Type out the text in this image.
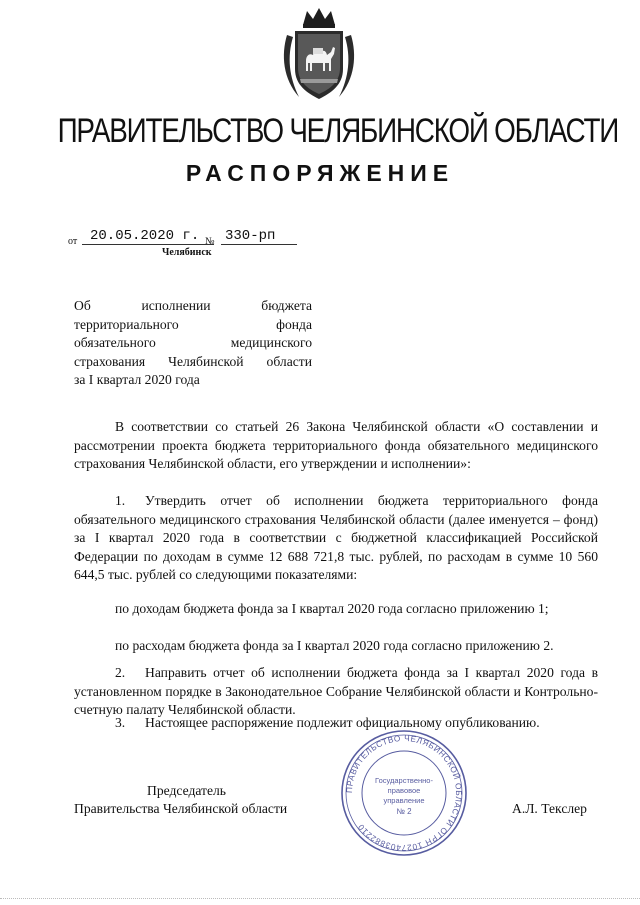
ПРАВИТЕЛЬСТВО ЧЕЛЯБИНСКОЙ ОБЛАСТИ
РАСПОРЯЖЕНИЕ
от 20.05.2020 г. № 330-рп
Челябинск
Об исполнении бюджета
территориального фонда
обязательного медицинского
страхования Челябинской области
за I квартал 2020 года
В соответствии со статьей 26 Закона Челябинской области «О составлении и рассмотрении проекта бюджета территориального фонда обязательного медицинского страхования Челябинской области, его утверждении и исполнении»:
1. Утвердить отчет об исполнении бюджета территориального фонда обязательного медицинского страхования Челябинской области (далее именуется – фонд) за I квартал 2020 года в соответствии с бюджетной классификацией Российской Федерации по доходам в сумме 12 688 721,8 тыс. рублей, по расходам в сумме 10 560 644,5 тыс. рублей со следующими показателями:
по доходам бюджета фонда за I квартал 2020 года согласно приложению 1;
по расходам бюджета фонда за I квартал 2020 года согласно приложению 2.
2. Направить отчет об исполнении бюджета фонда за I квартал 2020 года в установленном порядке в Законодательное Собрание Челябинской области и Контрольно-счетную палату Челябинской области.
3. Настоящее распоряжение подлежит официальному опубликованию.
Председатель
Правительства Челябинской области	А.Л. Текслер
ПРАВИТЕЛЬСТВО ЧЕЛЯБИНСКОЙ ОБЛАСТИ ОГРН 1027403882210
Государственно-
правовое
управление
№ 2
